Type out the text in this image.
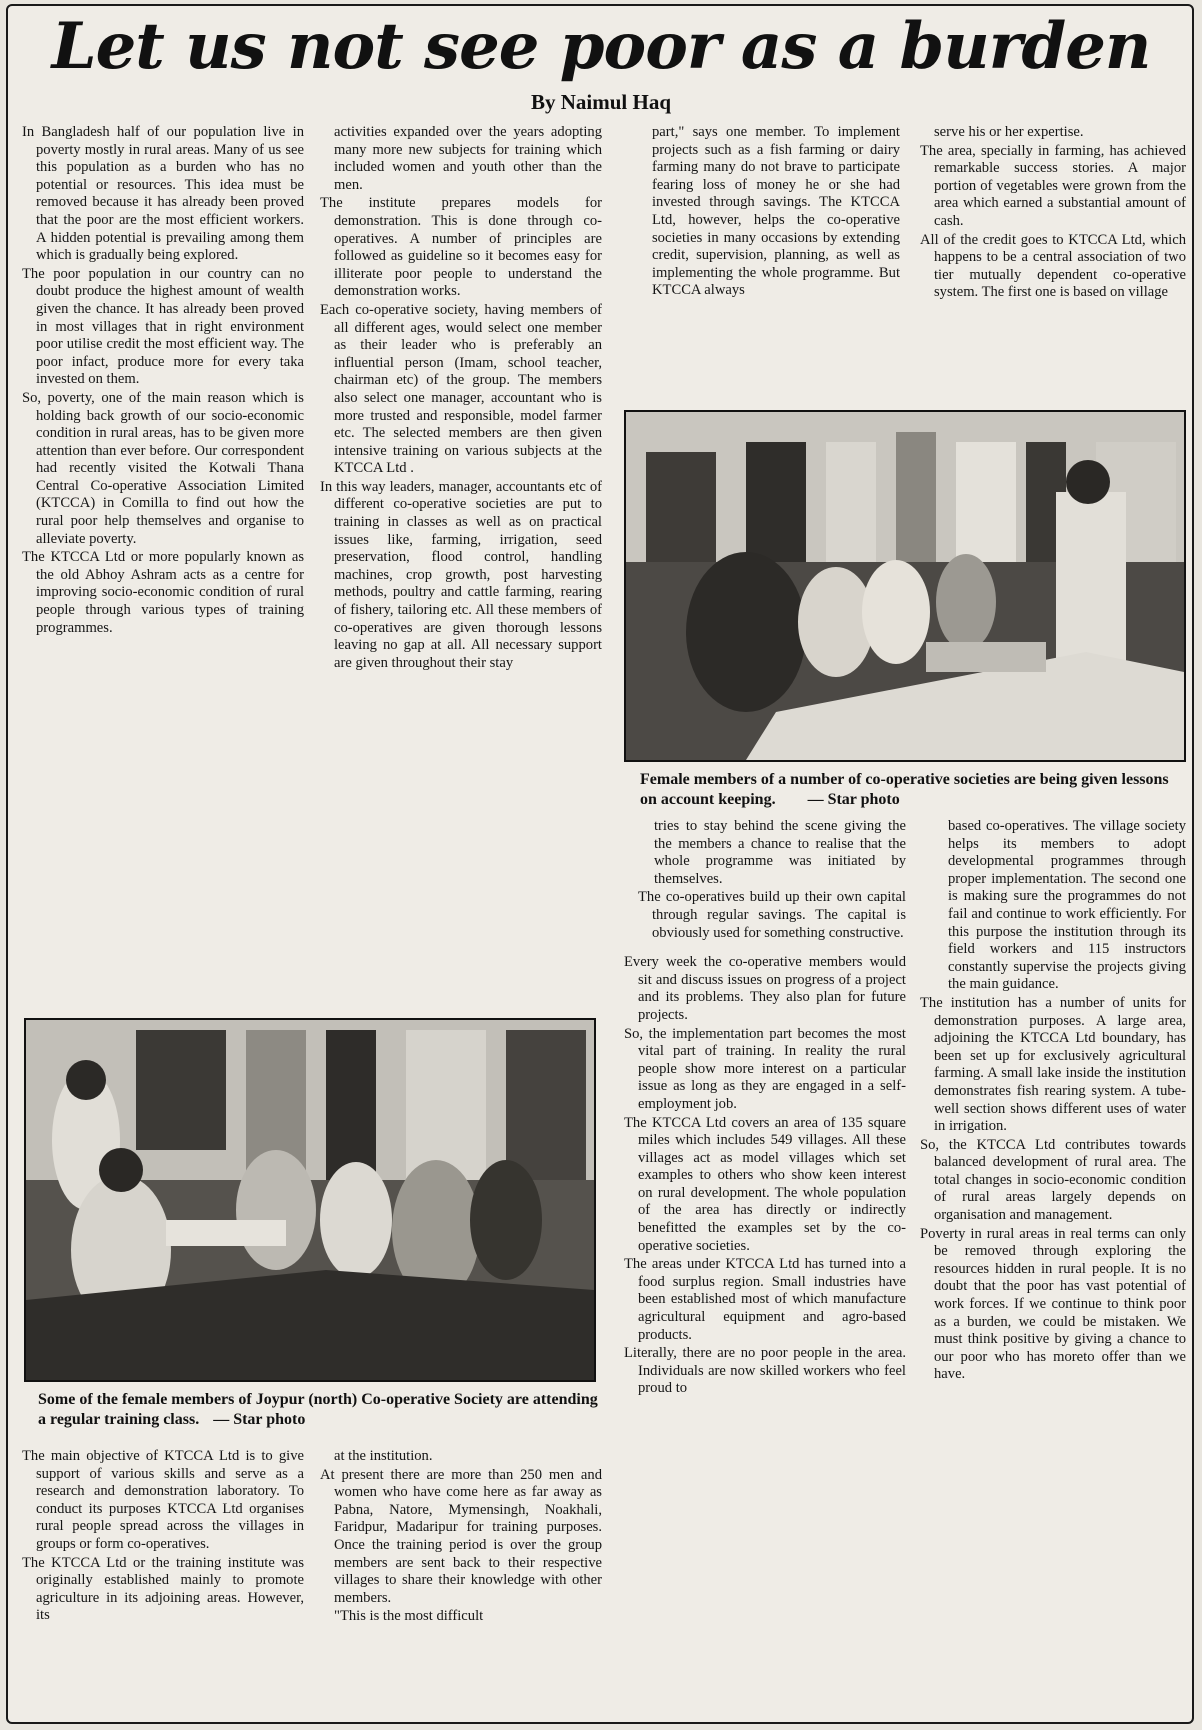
Let us not see poor as a burden
By Naimul Haq

In Bangladesh half of our population live in poverty mostly in rural areas. Many of us see this population as a burden who has no potential or resources. This idea must be removed because it has already been proved that the poor are the most efficient workers. A hidden potential is prevailing among them which is gradually being explored.

The poor population in our country can no doubt produce the highest amount of wealth given the chance. It has already been proved in most villages that in right environment poor utilise credit the most efficient way. The poor infact, produce more for every taka invested on them.

So, poverty, one of the main reason which is holding back growth of our socio-economic condition in rural areas, has to be given more attention than ever before. Our correspondent had recently visited the Kotwali Thana Central Co-operative Association Limited (KTCCA) in Comilla to find out how the rural poor help themselves and organise to alleviate poverty.

The KTCCA Ltd or more popularly known as the old Abhoy Ashram acts as a centre for improving socio-economic condition of rural people through various types of training programmes.

activities expanded over the years adopting many more new subjects for training which included women and youth other than the men.

The institute prepares models for demonstration. This is done through co-operatives. A number of principles are followed as guideline so it becomes easy for illiterate poor people to understand the demonstration works.

Each co-operative society, having members of all different ages, would select one member as their leader who is preferably an influential person (Imam, school teacher, chairman etc) of the group. The members also select one manager, accountant who is more trusted and responsible, model farmer etc. The selected members are then given intensive training on various subjects at the KTCCA Ltd .

In this way leaders, manager, accountants etc of different co-operative societies are put to training in classes as well as on practical issues like, farming, irrigation, seed preservation, flood control, handling machines, crop growth, post harvesting methods, poultry and cattle farming, rearing of fishery, tailoring etc. All these members of co-operatives are given thorough lessons leaving no gap at all. All necessary support are given throughout their stay

part," says one member. To implement projects such as a fish farming or dairy farming many do not brave to participate fearing loss of money he or she had invested through savings. The KTCCA Ltd, however, helps the co-operative societies in many occasions by extending credit, supervision, planning, as well as implementing the whole programme. But KTCCA always

serve his or her expertise.

The area, specially in farming, has achieved remarkable success stories. A major portion of vegetables were grown from the area which earned a substantial amount of cash.

All of the credit goes to KTCCA Ltd, which happens to be a central association of two tier mutually dependent co-operative system. The first one is based on village

Female members of a number of co-operative societies are being given lessons on account keeping. — Star photo

tries to stay behind the scene giving the the members a chance to realise that the whole programme was initiated by themselves.

The co-operatives build up their own capital through regular savings. The capital is obviously used for something constructive.

Every week the co-operative members would sit and discuss issues on progress of a project and its problems. They also plan for future projects.

So, the implementation part becomes the most vital part of training. In reality the rural people show more interest on a particular issue as long as they are engaged in a self-employment job.

The KTCCA Ltd covers an area of 135 square miles which includes 549 villages. All these villages act as model villages which set examples to others who show keen interest on rural development. The whole population of the area has directly or indirectly benefitted the examples set by the co-operative societies.

The areas under KTCCA Ltd has turned into a food surplus region. Small industries have been established most of which manufacture agricultural equipment and agro-based products.

Literally, there are no poor people in the area. Individuals are now skilled workers who feel proud to

based co-operatives. The village society helps its members to adopt developmental programmes through proper implementation. The second one is making sure the programmes do not fail and continue to work efficiently. For this purpose the institution through its field workers and 115 instructors constantly supervise the projects giving the main guidance.

The institution has a number of units for demonstration purposes. A large area, adjoining the KTCCA Ltd boundary, has been set up for exclusively agricultural farming. A small lake inside the institution demonstrates fish rearing system. A tube-well section shows different uses of water in irrigation.

So, the KTCCA Ltd contributes towards balanced development of rural area. The total changes in socio-economic condition of rural areas largely depends on organisation and management.

Poverty in rural areas in real terms can only be removed through exploring the resources hidden in rural people. It is no doubt that the poor has vast potential of work forces. If we continue to think poor as a burden, we could be mistaken. We must think positive by giving a chance to our poor who has moreto offer than we have.

Some of the female members of Joypur (north) Co-operative Society are attending a regular training class. — Star photo

The main objective of KTCCA Ltd is to give support of various skills and serve as a research and demonstration laboratory. To conduct its purposes KTCCA Ltd organises rural people spread across the villages in groups or form co-operatives.

The KTCCA Ltd or the training institute was originally established mainly to promote agriculture in its adjoining areas. However, its

at the institution.

At present there are more than 250 men and women who have come here as far away as Pabna, Natore, Mymensingh, Noakhali, Faridpur, Madaripur for training purposes. Once the training period is over the group members are sent back to their respective villages to share their knowledge with other members.

"This is the most difficult
